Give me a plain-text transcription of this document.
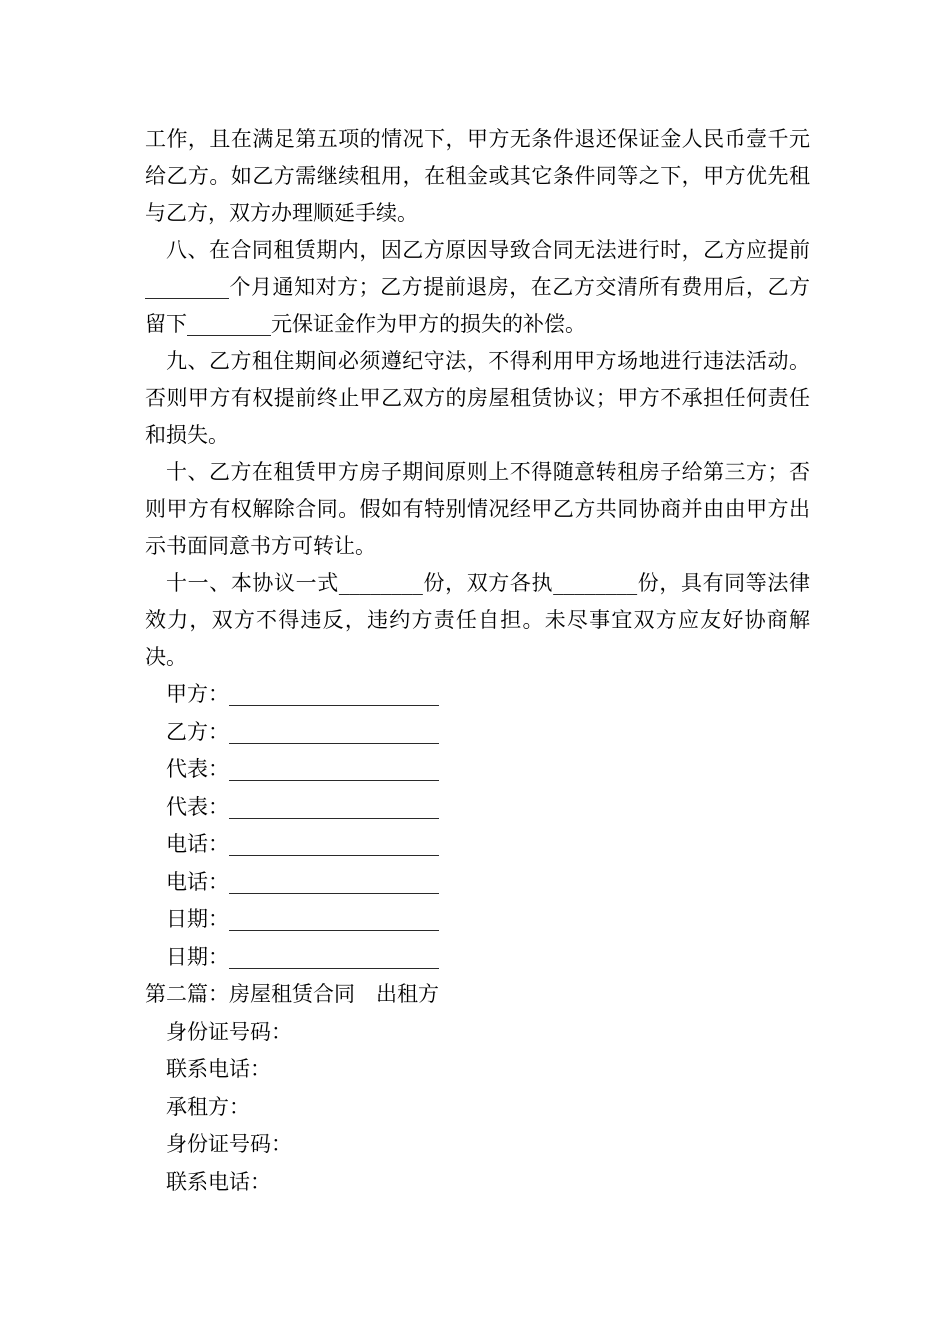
工作，且在满足第五项的情况下，甲方无条件退还保证金人民币壹千元给乙方。如乙方需继续租用，在租金或其它条件同等之下，甲方优先租与乙方，双方办理顺延手续。

八、在合同租赁期内，因乙方原因导致合同无法进行时，乙方应提前________个月通知对方；乙方提前退房，在乙方交清所有费用后，乙方留下________元保证金作为甲方的损失的补偿。

九、乙方租住期间必须遵纪守法，不得利用甲方场地进行违法活动。否则甲方有权提前终止甲乙双方的房屋租赁协议；甲方不承担任何责任和损失。

十、乙方在租赁甲方房子期间原则上不得随意转租房子给第三方；否则甲方有权解除合同。假如有特别情况经甲乙方共同协商并由由甲方出示书面同意书方可转让。

十一、本协议一式________份，双方各执________份，具有同等法律效力，双方不得违反，违约方责任自担。未尽事宜双方应友好协商解决。

甲方：____________________

乙方：____________________

代表：____________________

代表：____________________

电话：____________________

电话：____________________

日期：____________________

日期：____________________

第二篇：房屋租赁合同　出租方

身份证号码：

联系电话：

承租方：

身份证号码：

联系电话：
